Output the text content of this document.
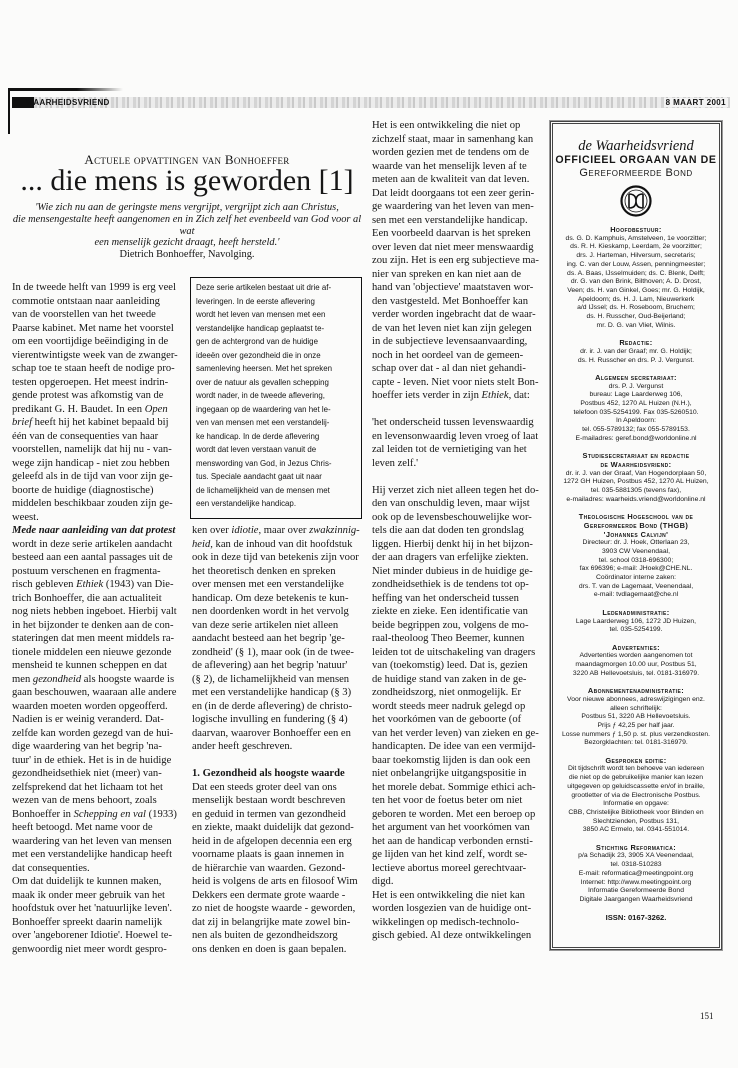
WAARHEIDSVRIEND	8 MAART 2001
Actuele opvattingen van Bonhoeffer
... die mens is geworden [1]
'Wie zich nu aan de geringste mens vergrijpt, vergrijpt zich aan Christus,
die mensengestalte heeft aangenomen en in Zich zelf het evenbeeld van God voor al wat
een menselijk gezicht draagt, heeft hersteld.'
Dietrich Bonhoeffer, Navolging.
In de tweede helft van 1999 is erg veel
commotie ontstaan naar aanleiding
van de voorstellen van het tweede
Paarse kabinet. Met name het voorstel
om een voortijdige beëindiging in de
vierentwintigste week van de zwanger-
schap toe te staan heeft de nodige pro-
testen opgeroepen. Het meest indrin-
gende protest was afkomstig van de
predikant G. H. Baudet. In een Open
brief heeft hij het kabinet bepaald bij
één van de consequenties van haar
voorstellen, namelijk dat hij nu - van-
wege zijn handicap - niet zou hebben
geleefd als in de tijd van voor zijn ge-
boorte de huidige (diagnostische)
middelen beschikbaar zouden zijn ge-
weest.
Mede naar aanleiding van dat protest
wordt in deze serie artikelen aandacht
besteed aan een aantal passages uit de
postuum verschenen en fragmenta-
risch gebleven Ethiek (1943) van Die-
trich Bonhoeffer, die aan actualiteit
nog niets hebben ingeboet. Hierbij valt
in het bijzonder te denken aan de con-
stateringen dat men meent middels ra-
tionele middelen een nieuwe gezonde
mensheid te kunnen scheppen en dat
men gezondheid als hoogste waarde is
gaan beschouwen, waaraan alle andere
waarden moeten worden opgeofferd.
Nadien is er weinig veranderd. Dat-
zelfde kan worden gezegd van de hui-
dige waardering van het begrip 'na-
tuur' in de ethiek. Het is in de huidige
gezondheidsethiek niet (meer) van-
zelfsprekend dat het lichaam tot het
wezen van de mens behoort, zoals
Bonhoeffer in Schepping en val (1933)
heeft betoogd. Met name voor de
waardering van het leven van mensen
met een verstandelijke handicap heeft
dat consequenties.
Om dat duidelijk te kunnen maken,
maak ik onder meer gebruik van het
hoofdstuk over het 'natuurlijke leven'.
Bonhoeffer spreekt daarin namelijk
over 'angeborener Idiotie'. Hoewel te-
genwoordig niet meer wordt gespro-
Deze serie artikelen bestaat uit drie af-
leveringen. In de eerste aflevering
wordt het leven van mensen met een
verstandelijke handicap geplaatst te-
gen de achtergrond van de huidige
ideeën over gezondheid die in onze
samenleving heersen. Met het spreken
over de natuur als gevallen schepping
wordt nader, in de tweede aflevering,
ingegaan op de waardering van het le-
ven van mensen met een verstandelij-
ke handicap. In de derde aflevering
wordt dat leven verstaan vanuit de
menswording van God, in Jezus Chris-
tus. Speciale aandacht gaat uit naar
de lichamelijkheid van de mensen met
een verstandelijke handicap.
ken over idiotie, maar over zwakzinnig-
heid, kan de inhoud van dit hoofdstuk
ook in deze tijd van betekenis zijn voor
het theoretisch denken en spreken
over mensen met een verstandelijke
handicap. Om deze betekenis te kun-
nen doordenken wordt in het vervolg
van deze serie artikelen niet alleen
aandacht besteed aan het begrip 'ge-
zondheid' (§ 1), maar ook (in de twee-
de aflevering) aan het begrip 'natuur'
(§ 2), de lichamelijkheid van mensen
met een verstandelijke handicap (§ 3)
en (in de derde aflevering) de christo-
logische invulling en fundering (§ 4)
daarvan, waarover Bonhoeffer een en
ander heeft geschreven.
1. Gezondheid als hoogste waarde
Dat een steeds groter deel van ons
menselijk bestaan wordt beschreven
en geduid in termen van gezondheid
en ziekte, maakt duidelijk dat gezond-
heid in de afgelopen decennia een erg
voorname plaats is gaan innemen in
de hiërarchie van waarden. Gezond-
heid is volgens de arts en filosoof Wim
Dekkers een dermate grote waarde -
zo niet de hoogste waarde - geworden,
dat zij in belangrijke mate zowel bin-
nen als buiten de gezondheidszorg
ons denken en doen is gaan bepalen.
Het is een ontwikkeling die niet op
zichzelf staat, maar in samenhang kan
worden gezien met de tendens om de
waarde van het menselijk leven af te
meten aan de kwaliteit van dat leven.
Dat leidt doorgaans tot een zeer gerin-
ge waardering van het leven van men-
sen met een verstandelijke handicap.
Een voorbeeld daarvan is het spreken
over leven dat niet meer menswaardig
zou zijn. Het is een erg subjectieve ma-
nier van spreken en kan niet aan de
hand van 'objectieve' maatstaven wor-
den vastgesteld. Met Bonhoeffer kan
verder worden ingebracht dat de waar-
de van het leven niet kan zijn gelegen
in de subjectieve levensaanvaarding,
noch in het oordeel van de gemeen-
schap over dat - al dan niet gehandi-
capte - leven. Niet voor niets stelt Bon-
hoeffer iets verder in zijn Ethiek, dat:
'het onderscheid tussen levenswaardig
en levensonwaardig leven vroeg of laat
zal leiden tot de vernietiging van het
leven zelf.'
Hij verzet zich niet alleen tegen het do-
den van onschuldig leven, maar wijst
ook op de levensbeschouwelijke wor-
tels die aan dat doden ten grondslag
liggen. Hierbij denkt hij in het bijzon-
der aan dragers van erfelijke ziekten.
Niet minder dubieus in de huidige ge-
zondheidsethiek is de tendens tot op-
heffing van het onderscheid tussen
ziekte en zieke. Een identificatie van
beide begrippen zou, volgens de mo-
raal-theoloog Theo Beemer, kunnen
leiden tot de uitschakeling van dragers
van (toekomstig) leed. Dat is, gezien
de huidige stand van zaken in de ge-
zondheidszorg, niet onmogelijk. Er
wordt steeds meer nadruk gelegd op
het voorkómen van de geboorte (of
van het verder leven) van zieken en ge-
handicapten. De idee van een vermijd-
baar toekomstig lijden is dan ook een
niet onbelangrijke uitgangspositie in
het morele debat. Sommige ethici ach-
ten het voor de foetus beter om niet
geboren te worden. Met een beroep op
het argument van het voorkómen van
het aan de handicap verbonden ernsti-
ge lijden van het kind zelf, wordt se-
lectieve abortus moreel gerechtvaar-
digd.
Het is een ontwikkeling die niet kan
worden losgezien van de huidige ont-
wikkelingen op medisch-technolo-
gisch gebied. Al deze ontwikkelingen
de Waarheidsvriend
OFFICIEEL ORGAAN VAN DE
Gereformeerde Bond
Hoofdbestuur:
ds. G. D. Kamphuis, Amstelveen, 1e voorzitter;
ds. R. H. Kieskamp, Leerdam, 2e voorzitter;
drs. J. Harteman, Hilversum, secretaris;
ing. C. van der Louw, Assen, penningmeester;
ds. A. Baas, IJsselmuiden; ds. C. Blenk, Delft;
dr. G. van den Brink, Bilthoven; A. D. Drost,
Veen; ds. H. van Ginkel, Goes; mr. G. Holdijk,
Apeldoorn; ds. H. J. Lam, Nieuwerkerk
a/d IJssel; ds. H. Roseboom, Bruchem;
ds. H. Russcher, Oud-Beijerland;
mr. D. G. van Vliet, Wilnis.
Redactie:
dr. ir. J. van der Graaf; mr. G. Holdijk;
ds. H. Russcher en drs. P. J. Vergunst.
Algemeen secretariaat:
drs. P. J. Vergunst
bureau: Lage Laarderweg 106,
Postbus 452, 1270 AL Huizen (N.H.),
telefoon 035-5254199. Fax 035-5260510.
In Apeldoorn:
tel. 055-5789132; fax 055-5789153.
E-mailadres: geref.bond@worldonline.nl
Studiesecretariaat en redactie
de Waarheidsvriend:
dr. ir. J. van der Graaf, Van Hogendorplaan 50,
1272 GH Huizen, Postbus 452, 1270 AL Huizen,
tel. 035-5881305 (tevens fax),
e-mailadres: waarheids.vriend@worldonline.nl
Theologische Hogeschool van de
Gereformeerde Bond (THGB)
'Johannes Calvijn'
Directeur: dr. J. Hoek, Otterlaan 23,
3903 CW Veenendaal,
tel. school 0318-696300;
fax 696396; e-mail: JHoek@CHE.NL.
Coördinator interne zaken:
drs. T. van de Lagemaat, Veenendaal,
e-mail: tvdlagemaat@che.nl
Ledenadministratie:
Lage Laarderweg 106, 1272 JD Huizen,
tel. 035-5254199.
Advertenties:
Advertenties worden aangenomen tot
maandagmorgen 10.00 uur, Postbus 51,
3220 AB Hellevoetsluis, tel. 0181-316979.
Abonnementenadministratie:
Voor nieuwe abonnees, adreswijzigingen enz.
alleen schriftelijk:
Postbus 51, 3220 AB Hellevoetsluis.
Prijs ƒ 42,25 per half jaar.
Losse nummers ƒ 1,50 p. st. plus verzendkosten.
Bezorgklachten: tel. 0181-316979.
Gesproken editie:
Dit tijdschrift wordt ten behoeve van iedereen
die niet op de gebruikelijke manier kan lezen
uitgegeven op geluidscassette en/of in braille,
grootletter of via de Electronische Postbus.
Informatie en opgave:
CBB, Christelijke Bibliotheek voor Blinden en
Slechtzienden, Postbus 131,
3850 AC Ermelo, tel. 0341-551014.
Stichting Reformatica:
p/a Schadijk 23, 3905 XA Veenendaal,
tel. 0318-510283
E-mail: reformatica@meetingpoint.org
Internet: http://www.meetingpoint.org
Informatie Gereformeerde Bond
Digitale Jaargangen Waarheidsvriend
ISSN: 0167-3262.
151
